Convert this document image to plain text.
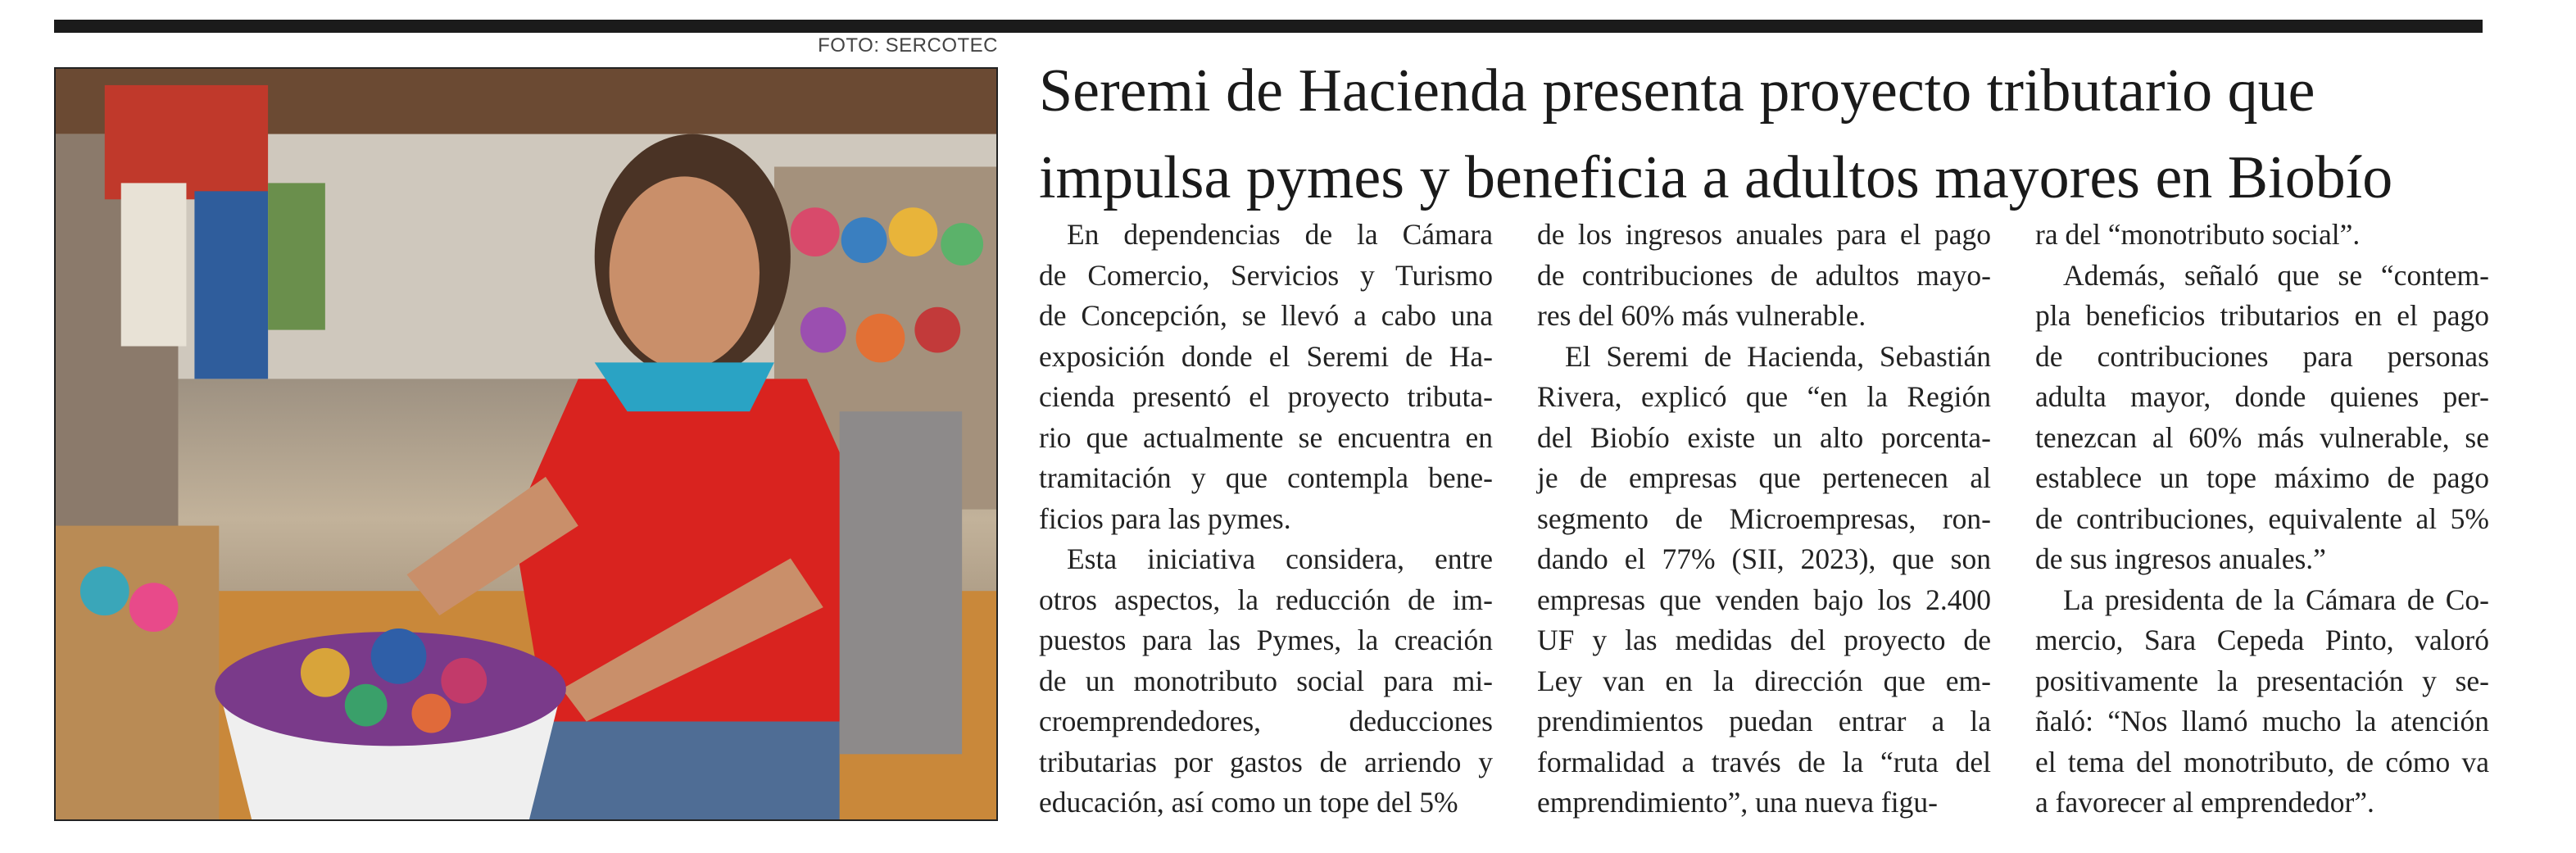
FOTO: SERCOTEC
Seremi de Hacienda presenta proyecto tributario que
impulsa pymes y beneficia a adultos mayores en Biobío
En dependencias de la Cámara
de Comercio, Servicios y Turismo
de Concepción, se llevó a cabo una
exposición donde el Seremi de Ha-
cienda presentó el proyecto tributa-
rio que actualmente se encuentra en
tramitación y que contempla bene-
ficios para las pymes.
Esta iniciativa considera, entre
otros aspectos, la reducción de im-
puestos para las Pymes, la creación
de un monotributo social para mi-
croemprendedores, deducciones
tributarias por gastos de arriendo y
educación, así como un tope del 5%
de los ingresos anuales para el pago
de contribuciones de adultos mayo-
res del 60% más vulnerable.
El Seremi de Hacienda, Sebastián
Rivera, explicó que “en la Región
del Biobío existe un alto porcenta-
je de empresas que pertenecen al
segmento de Microempresas, ron-
dando el 77% (SII, 2023), que son
empresas que venden bajo los 2.400
UF y las medidas del proyecto de
Ley van en la dirección que em-
prendimientos puedan entrar a la
formalidad a través de la “ruta del
emprendimiento”, una nueva figu-
ra del “monotributo social”.
Además, señaló que se “contem-
pla beneficios tributarios en el pago
de contribuciones para personas
adulta mayor, donde quienes per-
tenezcan al 60% más vulnerable, se
establece un tope máximo de pago
de contribuciones, equivalente al 5%
de sus ingresos anuales.”
La presidenta de la Cámara de Co-
mercio, Sara Cepeda Pinto, valoró
positivamente la presentación y se-
ñaló: “Nos llamó mucho la atención
el tema del monotributo, de cómo va
a favorecer al emprendedor”.
